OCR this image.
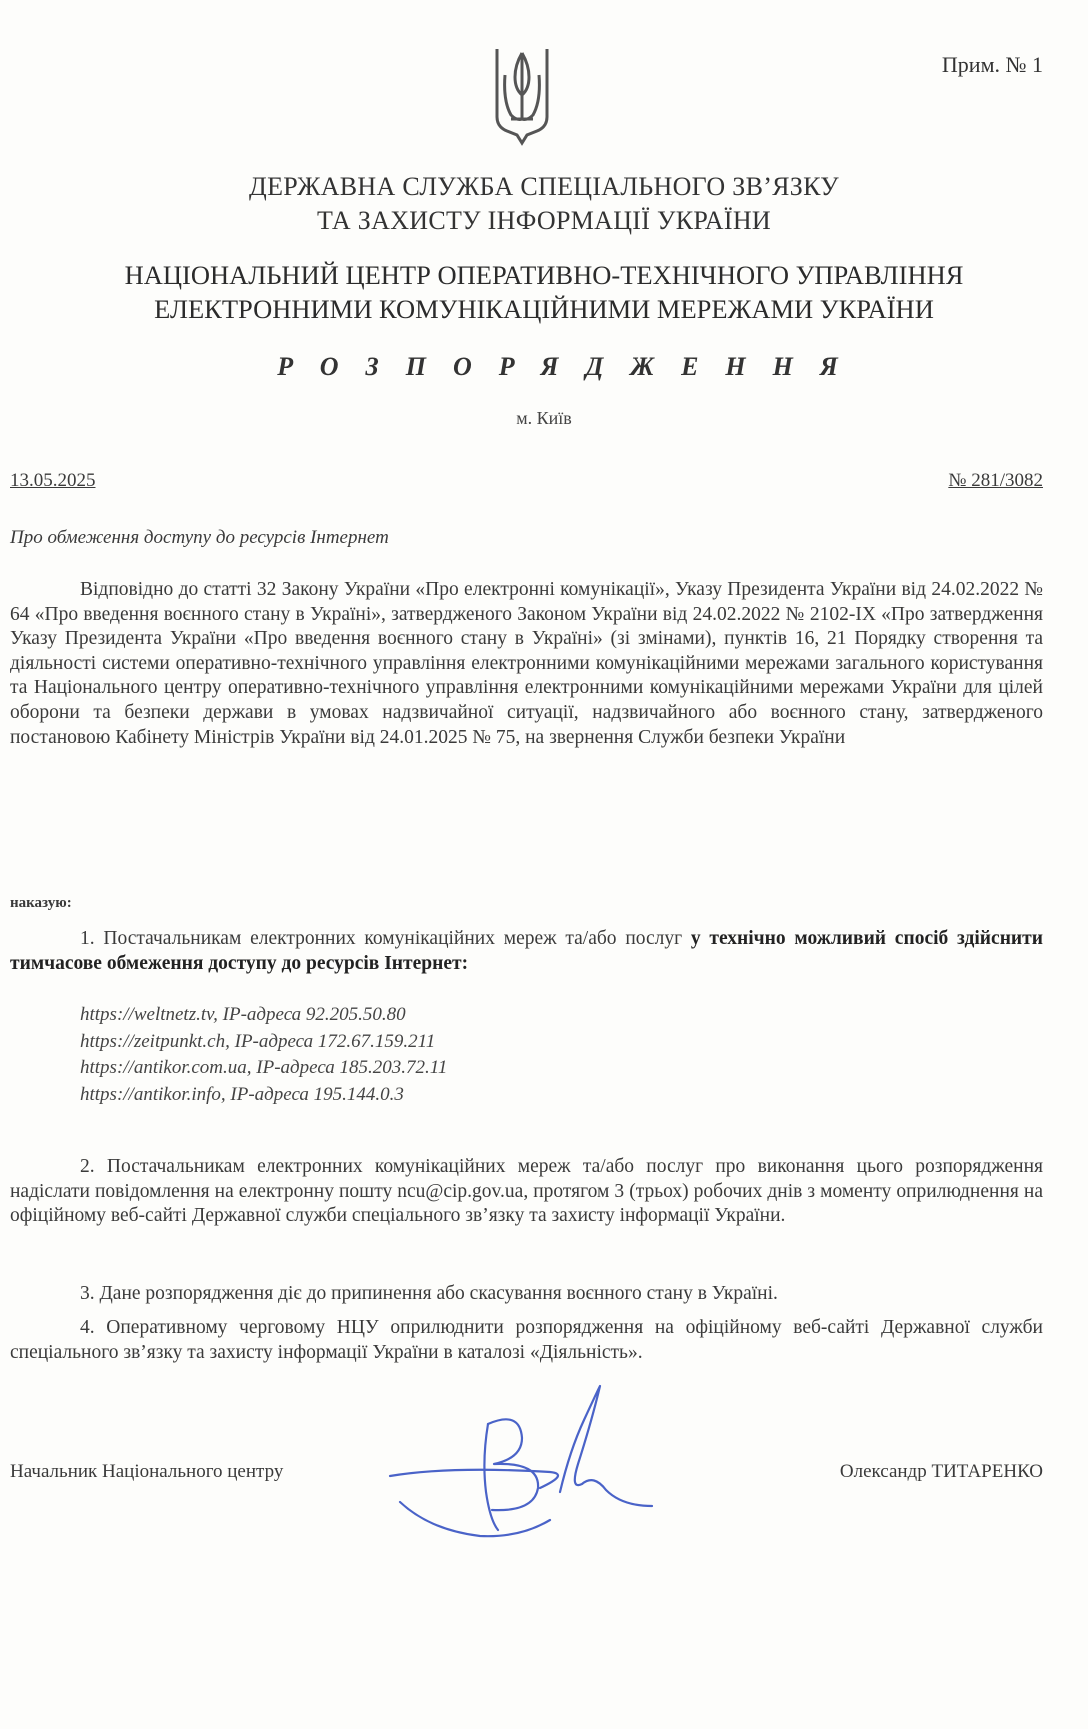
Прим. № 1
ДЕРЖАВНА СЛУЖБА СПЕЦІАЛЬНОГО ЗВ’ЯЗКУ
ТА ЗАХИСТУ ІНФОРМАЦІЇ УКРАЇНИ
НАЦІОНАЛЬНИЙ ЦЕНТР ОПЕРАТИВНО-ТЕХНІЧНОГО УПРАВЛІННЯ
ЕЛЕКТРОННИМИ КОМУНІКАЦІЙНИМИ МЕРЕЖАМИ УКРАЇНИ
РОЗПОРЯДЖЕННЯ
м. Київ
13.05.2025	№ 281/3082
Про обмеження доступу до ресурсів Інтернет
Відповідно до статті 32 Закону України «Про електронні комунікації», Указу Президента України від 24.02.2022 № 64 «Про введення воєнного стану в Україні», затвердженого Законом України від 24.02.2022 № 2102-IX «Про затвердження Указу Президента України «Про введення воєнного стану в Україні» (зі змінами), пунктів 16, 21 Порядку створення та діяльності системи оперативно-технічного управління електронними комунікаційними мережами загального користування та Національного центру оперативно-технічного управління електронними комунікаційними мережами України для цілей оборони та безпеки держави в умовах надзвичайної ситуації, надзвичайного або воєнного стану, затвердженого постановою Кабінету Міністрів України від 24.01.2025 № 75, на звернення Служби безпеки України
наказую:
1. Постачальникам електронних комунікаційних мереж та/або послуг у технічно можливий спосіб здійснити тимчасове обмеження доступу до ресурсів Інтернет:
https://weltnetz.tv, IP-адреса 92.205.50.80
https://zeitpunkt.ch, IP-адреса 172.67.159.211
https://antikor.com.ua, IP-адреса 185.203.72.11
https://antikor.info, IP-адреса 195.144.0.3
2. Постачальникам електронних комунікаційних мереж та/або послуг про виконання цього розпорядження надіслати повідомлення на електронну пошту ncu@cip.gov.ua, протягом 3 (трьох) робочих днів з моменту оприлюднення на офіційному веб-сайті Державної служби спеціального зв’язку та захисту інформації України.
3. Дане розпорядження діє до припинення або скасування воєнного стану в Україні.
4. Оперативному черговому НЦУ оприлюднити розпорядження на офіційному веб-сайті Державної служби спеціального зв’язку та захисту інформації України в каталозі «Діяльність».
Начальник Національного центру	Олександр ТИТАРЕНКО
